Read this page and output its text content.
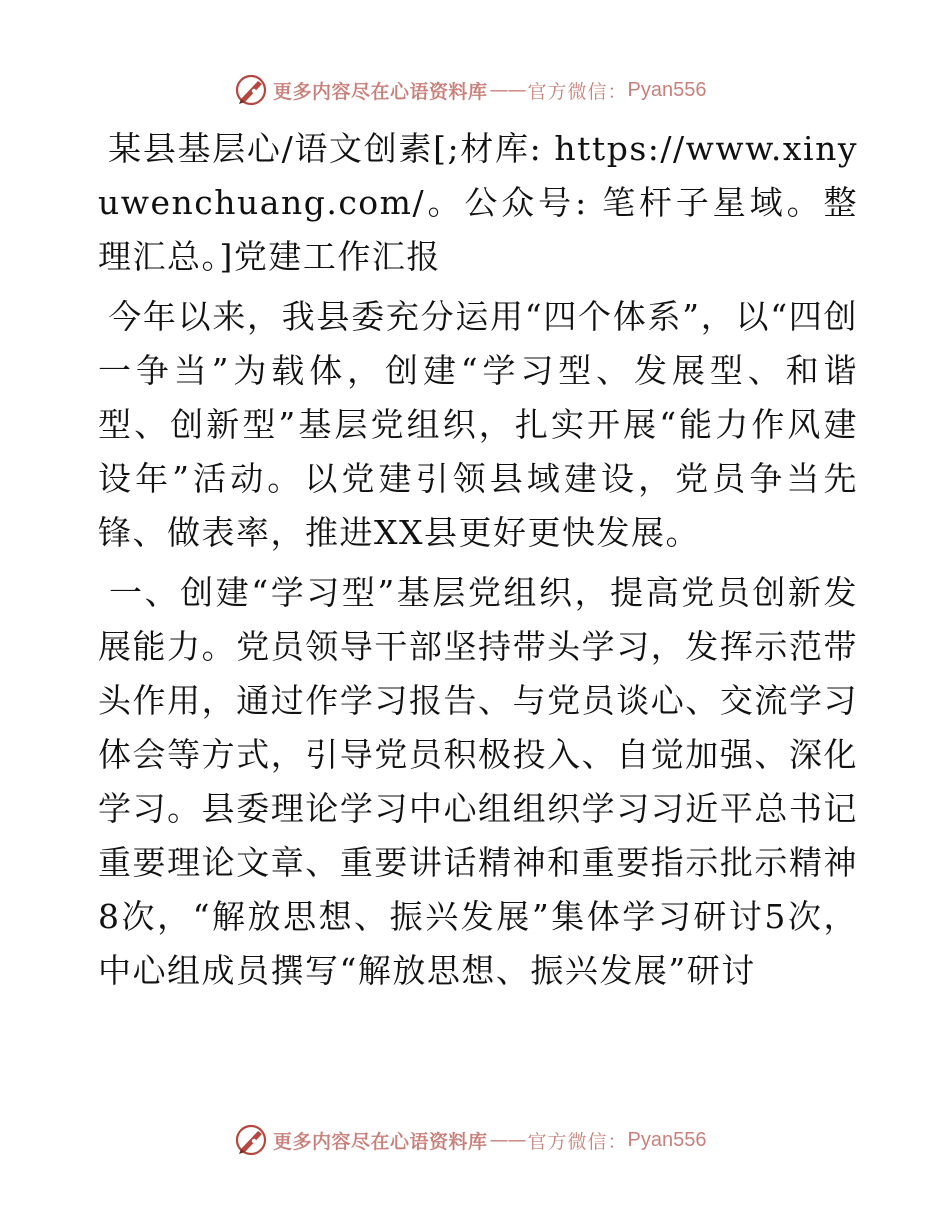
更多内容尽在心语资料库 —— 官方微信： Pyan556

某县基层心/语文创素[;材库: https://www.xinyuwenchuang.com/。公众号: 笔杆子星域。整理汇总。]党建工作汇报

今年以来，我县委充分运用“四个体系”，以“四创一争当”为载体，创建“学习型、发展型、和谐型、创新型”基层党组织，扎实开展“能力作风建设年”活动。以党建引领县域建设，党员争当先锋、做表率，推进XX县更好更快发展。

一、创建“学习型”基层党组织，提高党员创新发展能力。党员领导干部坚持带头学习，发挥示范带头作用，通过作学习报告、与党员谈心、交流学习体会等方式，引导党员积极投入、自觉加强、深化学习。县委理论学习中心组组织学习习近平总书记重要理论文章、重要讲话精神和重要指示批示精神8次，“解放思想、振兴发展”集体学习研讨5次，中心组成员撰写“解放思想、振兴发展”研讨

更多内容尽在心语资料库 —— 官方微信： Pyan556
